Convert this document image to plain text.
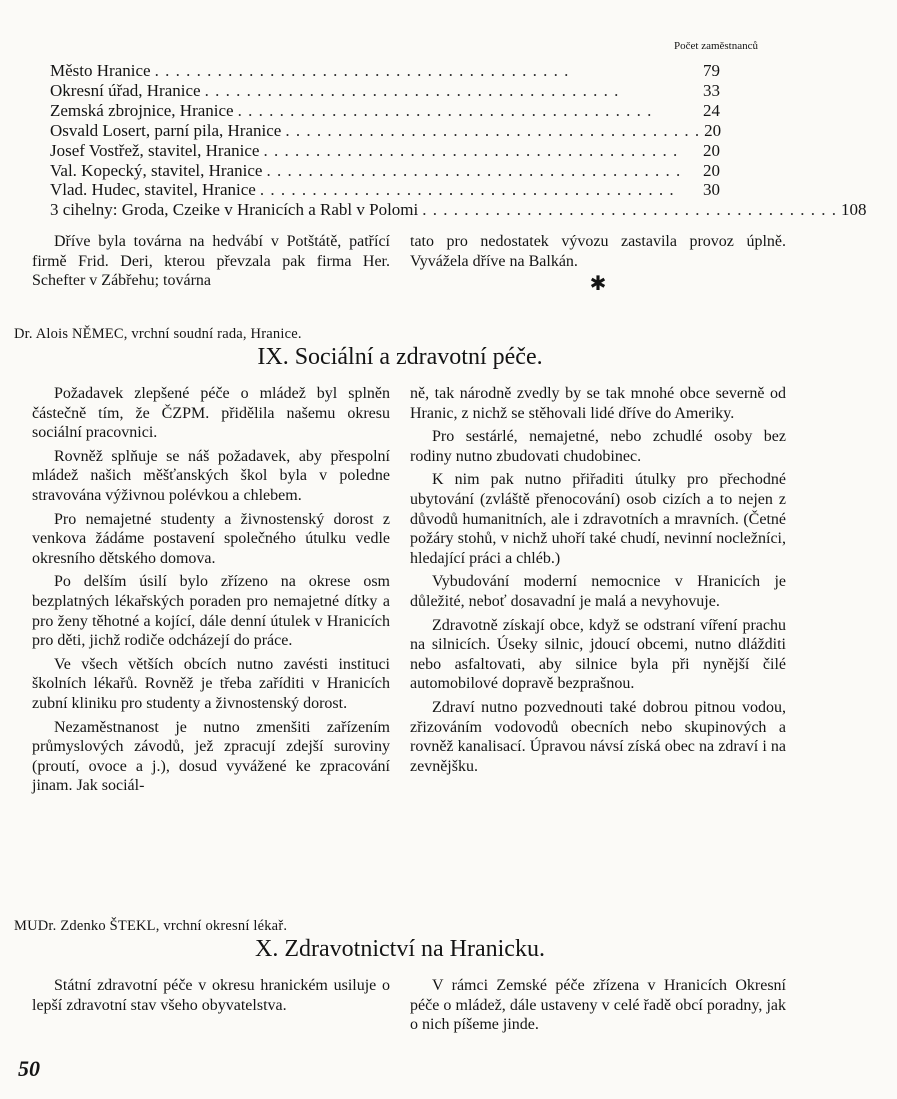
Počet zaměstnanců
Město Hranice . . . . . . . . . . . . . . . . . . . . . . . . . . . . . . . . . . . . . . . .	79
Okresní úřad, Hranice . . . . . . . . . . . . . . . . . . . . . . . . . . . . . . . . . . . . . . . .	33
Zemská zbrojnice, Hranice . . . . . . . . . . . . . . . . . . . . . . . . . . . . . . . . . . . . . . . .	24
Osvald Losert, parní pila, Hranice . . . . . . . . . . . . . . . . . . . . . . . . . . . . . . . . . . . . . . . . 20
Josef Vostřež, stavitel, Hranice . . . . . . . . . . . . . . . . . . . . . . . . . . . . . . . . . . . . . . . .	20
Val. Kopecký, stavitel, Hranice . . . . . . . . . . . . . . . . . . . . . . . . . . . . . . . . . . . . . . . .	20
Vlad. Hudec, stavitel, Hranice . . . . . . . . . . . . . . . . . . . . . . . . . . . . . . . . . . . . . . . .	30
3 cihelny: Groda, Czeike v Hranicích a Rabl v Polomi . . . . . . . . . . . . . . . . . . . . . . . . . . . . . . . . . . . . . . . . 108

Dříve byla továrna na hedvábí v Potštátě, patřící firmě Frid. Deri, kterou převzala pak firma Her. Schefter v Zábřehu; továrna

tato pro nedostatek vývozu zastavila provoz úplně. Vyvážela dříve na Balkán.

✱
Dr. Alois NĚMEC, vrchní soudní rada, Hranice.
IX. Sociální a zdravotní péče.

Požadavek zlepšené péče o mládež byl splněn částečně tím, že ČZPM. přidělila našemu okresu sociální pracovnici.

Rovněž splňuje se náš požadavek, aby přespolní mládež našich měšťanských škol byla v poledne stravována výživnou polévkou a chlebem.

Pro nemajetné studenty a živnostenský dorost z venkova žádáme postavení společného útulku vedle okresního dětského domova.

Po delším úsilí bylo zřízeno na okrese osm bezplatných lékařských poraden pro nemajetné dítky a pro ženy těhotné a kojící, dále denní útulek v Hranicích pro děti, jichž rodiče odcházejí do práce.

Ve všech větších obcích nutno zavésti instituci školních lékařů. Rovněž je třeba zaříditi v Hranicích zubní kliniku pro studenty a živnostenský dorost.

Nezaměstnanost je nutno zmenšiti zařízením průmyslových závodů, jež zpracují zdejší suroviny (proutí, ovoce a j.), dosud vyvážené ke zpracování jinam. Jak sociál-

ně, tak národně zvedly by se tak mnohé obce severně od Hranic, z nichž se stěhovali lidé dříve do Ameriky.

Pro sestárlé, nemajetné, nebo zchudlé osoby bez rodiny nutno zbudovati chudobinec.

K nim pak nutno přiřaditi útulky pro přechodné ubytování (zvláště přenocování) osob cizích a to nejen z důvodů humanitních, ale i zdravotních a mravních. (Četné požáry stohů, v nichž uhoří také chudí, nevinní nocležníci, hledající práci a chléb.)

Vybudování moderní nemocnice v Hranicích je důležité, neboť dosavadní je malá a nevyhovuje.

Zdravotně získají obce, když se odstraní víření prachu na silnicích. Úseky silnic, jdoucí obcemi, nutno dlážditi nebo asfaltovati, aby silnice byla při nynější čilé automobilové dopravě bezprašnou.

Zdraví nutno pozvednouti také dobrou pitnou vodou, zřizováním vodovodů obecních nebo skupinových a rovněž kanalisací. Úpravou návsí získá obec na zdraví i na zevnějšku.

MUDr. Zdenko ŠTEKL, vrchní okresní lékař.
X. Zdravotnictví na Hranicku.

Státní zdravotní péče v okresu hranickém usiluje o lepší zdravotní stav všeho obyvatelstva.

V rámci Zemské péče zřízena v Hranicích Okresní péče o mládež, dále ustaveny v celé řadě obcí poradny, jak o nich píšeme jinde.

50
